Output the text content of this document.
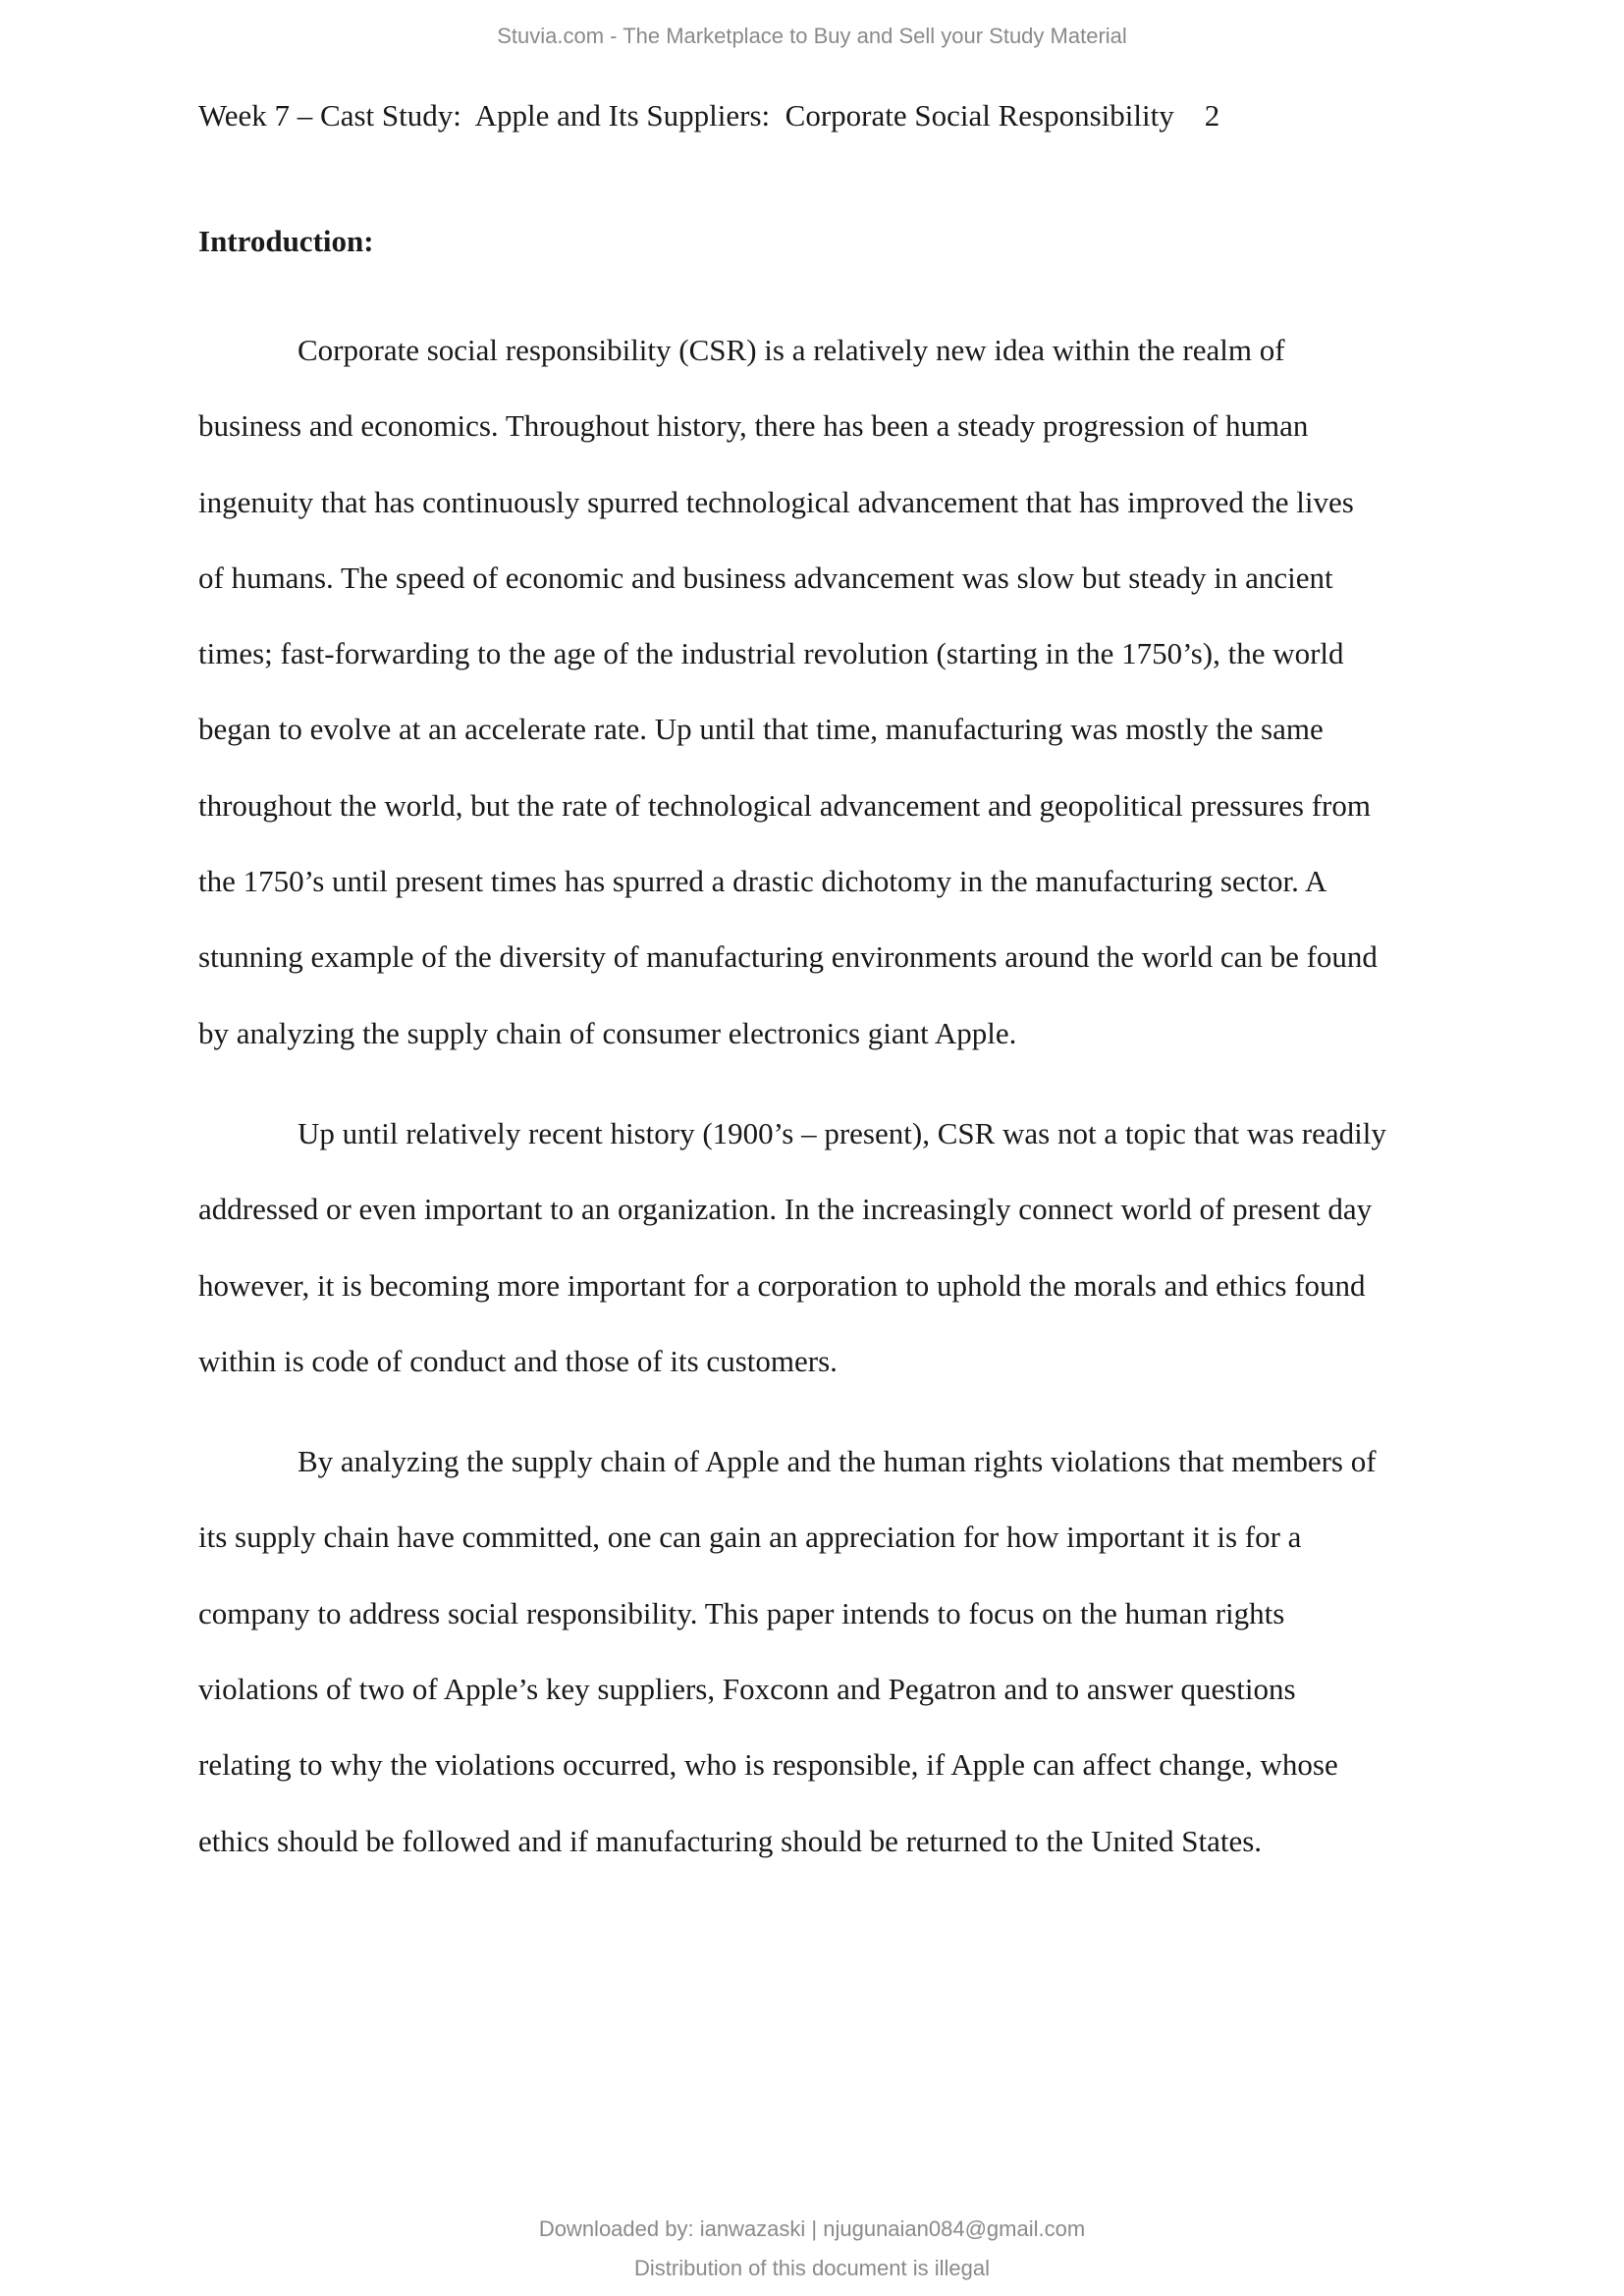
Stuvia.com - The Marketplace to Buy and Sell your Study Material
Week 7 – Cast Study:  Apple and Its Suppliers:  Corporate Social Responsibility    2
Introduction:
Corporate social responsibility (CSR) is a relatively new idea within the realm of
business and economics. Throughout history, there has been a steady progression of human
ingenuity that has continuously spurred technological advancement that has improved the lives
of humans. The speed of economic and business advancement was slow but steady in ancient
times; fast-forwarding to the age of the industrial revolution (starting in the 1750’s), the world
began to evolve at an accelerate rate. Up until that time, manufacturing was mostly the same
throughout the world, but the rate of technological advancement and geopolitical pressures from
the 1750’s until present times has spurred a drastic dichotomy in the manufacturing sector. A
stunning example of the diversity of manufacturing environments around the world can be found
by analyzing the supply chain of consumer electronics giant Apple.
Up until relatively recent history (1900’s – present), CSR was not a topic that was readily
addressed or even important to an organization. In the increasingly connect world of present day
however, it is becoming more important for a corporation to uphold the morals and ethics found
within is code of conduct and those of its customers.
By analyzing the supply chain of Apple and the human rights violations that members of
its supply chain have committed, one can gain an appreciation for how important it is for a
company to address social responsibility. This paper intends to focus on the human rights
violations of two of Apple’s key suppliers, Foxconn and Pegatron and to answer questions
relating to why the violations occurred, who is responsible, if Apple can affect change, whose
ethics should be followed and if manufacturing should be returned to the United States.
Downloaded by: ianwazaski | njugunaian084@gmail.com
Distribution of this document is illegal
